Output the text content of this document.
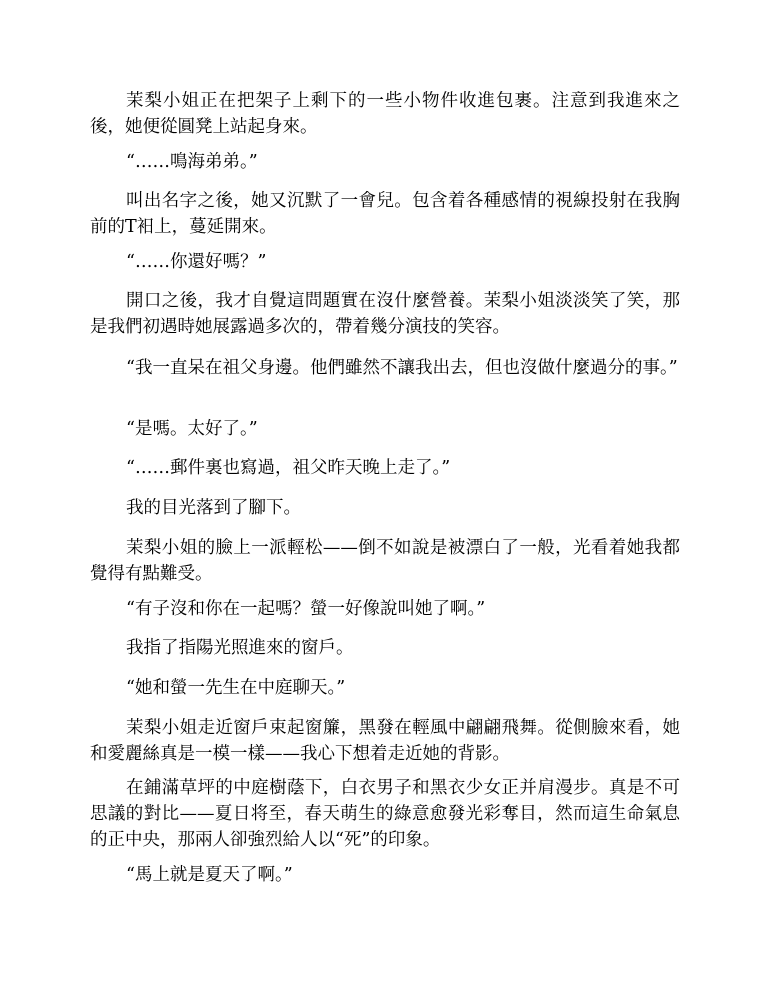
茉梨小姐正在把架子上剩下的一些小物件收進包裹。注意到我進來之後，她便從圓凳上站起身來。

“……鳴海弟弟。”

叫出名字之後，她又沉默了一會兒。包含着各種感情的視線投射在我胸前的T衵上，蔓延開來。

“……你還好嗎？”

開口之後，我才自覺這問題實在沒什麼營養。茉梨小姐淡淡笑了笑，那是我們初遇時她展露過多次的，帶着幾分演技的笑容。

“我一直呆在祖父身邊。他們雖然不讓我出去，但也沒做什麼過分的事。”

“是嗎。太好了。”

“……郵件裏也寫過，祖父昨天晚上走了。”

我的目光落到了腳下。

茉梨小姐的臉上一派輕松——倒不如說是被漂白了一般，光看着她我都覺得有點難受。

“有子沒和你在一起嗎？螢一好像說叫她了啊。”

我指了指陽光照進來的窗戶。

“她和螢一先生在中庭聊天。”

茉梨小姐走近窗戶束起窗簾，黑發在輕風中翩翩飛舞。從側臉來看，她和愛麗絲真是一模一樣——我心下想着走近她的背影。

在鋪滿草坪的中庭樹蔭下，白衣男子和黑衣少女正并肩漫步。真是不可思議的對比——夏日将至，春天萌生的綠意愈發光彩奪目，然而這生命氣息的正中央，那兩人卻強烈給人以“死”的印象。

“馬上就是夏天了啊。”
